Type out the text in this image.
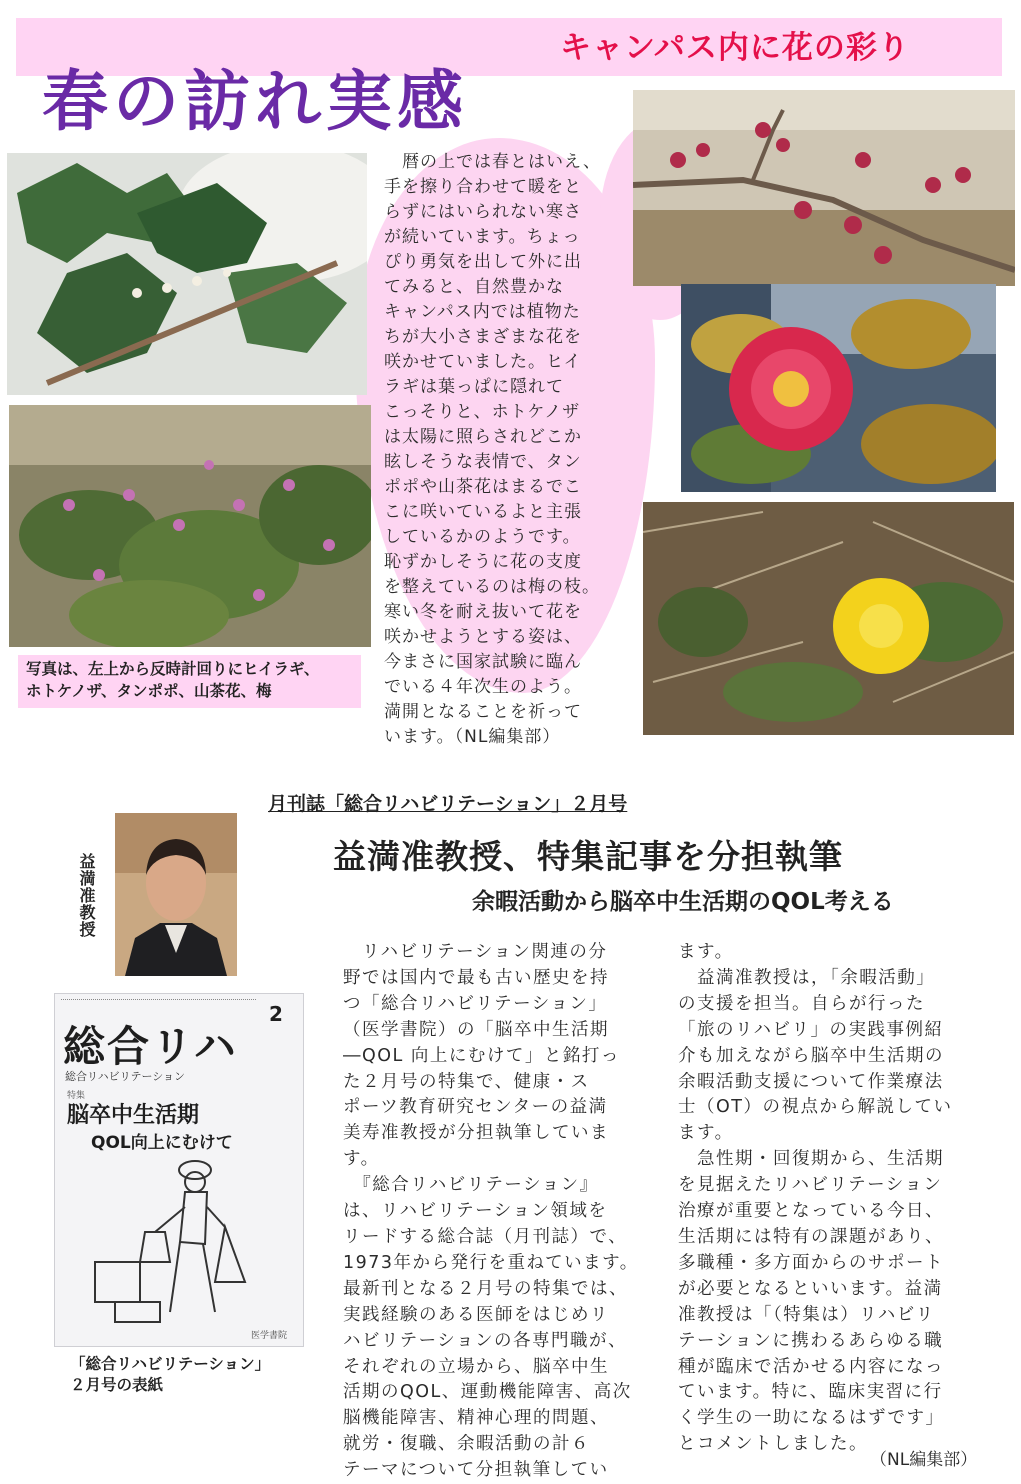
キャンパス内に花の彩り
春の訪れ実感
　暦の上では春とはいえ、
手を擦り合わせて暖をと
らずにはいられない寒さ
が続いています。ちょっ
ぴり勇気を出して外に出
てみると、自然豊かな
キャンパス内では植物た
ちが大小さまざまな花を
咲かせていました。ヒイ
ラギは葉っぱに隠れて
こっそりと、ホトケノザ
は太陽に照らされどこか
眩しそうな表情で、タン
ポポや山茶花はまるでこ
こに咲いているよと主張
しているかのようです。
恥ずかしそうに花の支度
を整えているのは梅の枝。
寒い冬を耐え抜いて花を
咲かせようとする姿は、
今まさに国家試験に臨ん
でいる４年次生のよう。
満開となることを祈って
います。（NL編集部）
写真は、左上から反時計回りにヒイラギ、
ホトケノザ、タンポポ、山茶花、梅
月刊誌「総合リハビリテーション」２月号
益満准教授、特集記事を分担執筆
余暇活動から脳卒中生活期のQOL考える
益満准教授
総合リハ
2
総合リハビリテーション
特集
脳卒中生活期
QOL向上にむけて
医学書院
「総合リハビリテーション」
２月号の表紙
　リハビリテーション関連の分
野では国内で最も古い歴史を持
つ「総合リハビリテーション」
（医学書院）の「脳卒中生活期
―QOL 向上にむけて」と銘打っ
た２月号の特集で、健康・ス
ポーツ教育研究センターの益満
美寿准教授が分担執筆していま
す。
　『総合リハビリテーション』
は、リハビリテーション領域を
リードする総合誌（月刊誌）で、
1973年から発行を重ねています。
最新刊となる２月号の特集では、
実践経験のある医師をはじめリ
ハビリテーションの各専門職が、
それぞれの立場から、脳卒中生
活期のQOL、運動機能障害、高次
脳機能障害、精神心理的問題、
就労・復職、余暇活動の計６
テーマについて分担執筆してい
ます。
　益満准教授は，「余暇活動」
の支援を担当。自らが行った
「旅のリハビリ」の実践事例紹
介も加えながら脳卒中生活期の
余暇活動支援について作業療法
士（OT）の視点から解説してい
ます。
　急性期・回復期から、生活期
を見据えたリハビリテーション
治療が重要となっている今日、
生活期には特有の課題があり、
多職種・多方面からのサポート
が必要となるといいます。益満
准教授は「（特集は）リハビリ
テーションに携わるあらゆる職
種が臨床で活かせる内容になっ
ています。特に、臨床実習に行
く学生の一助になるはずです」
とコメントしました。
（NL編集部）
